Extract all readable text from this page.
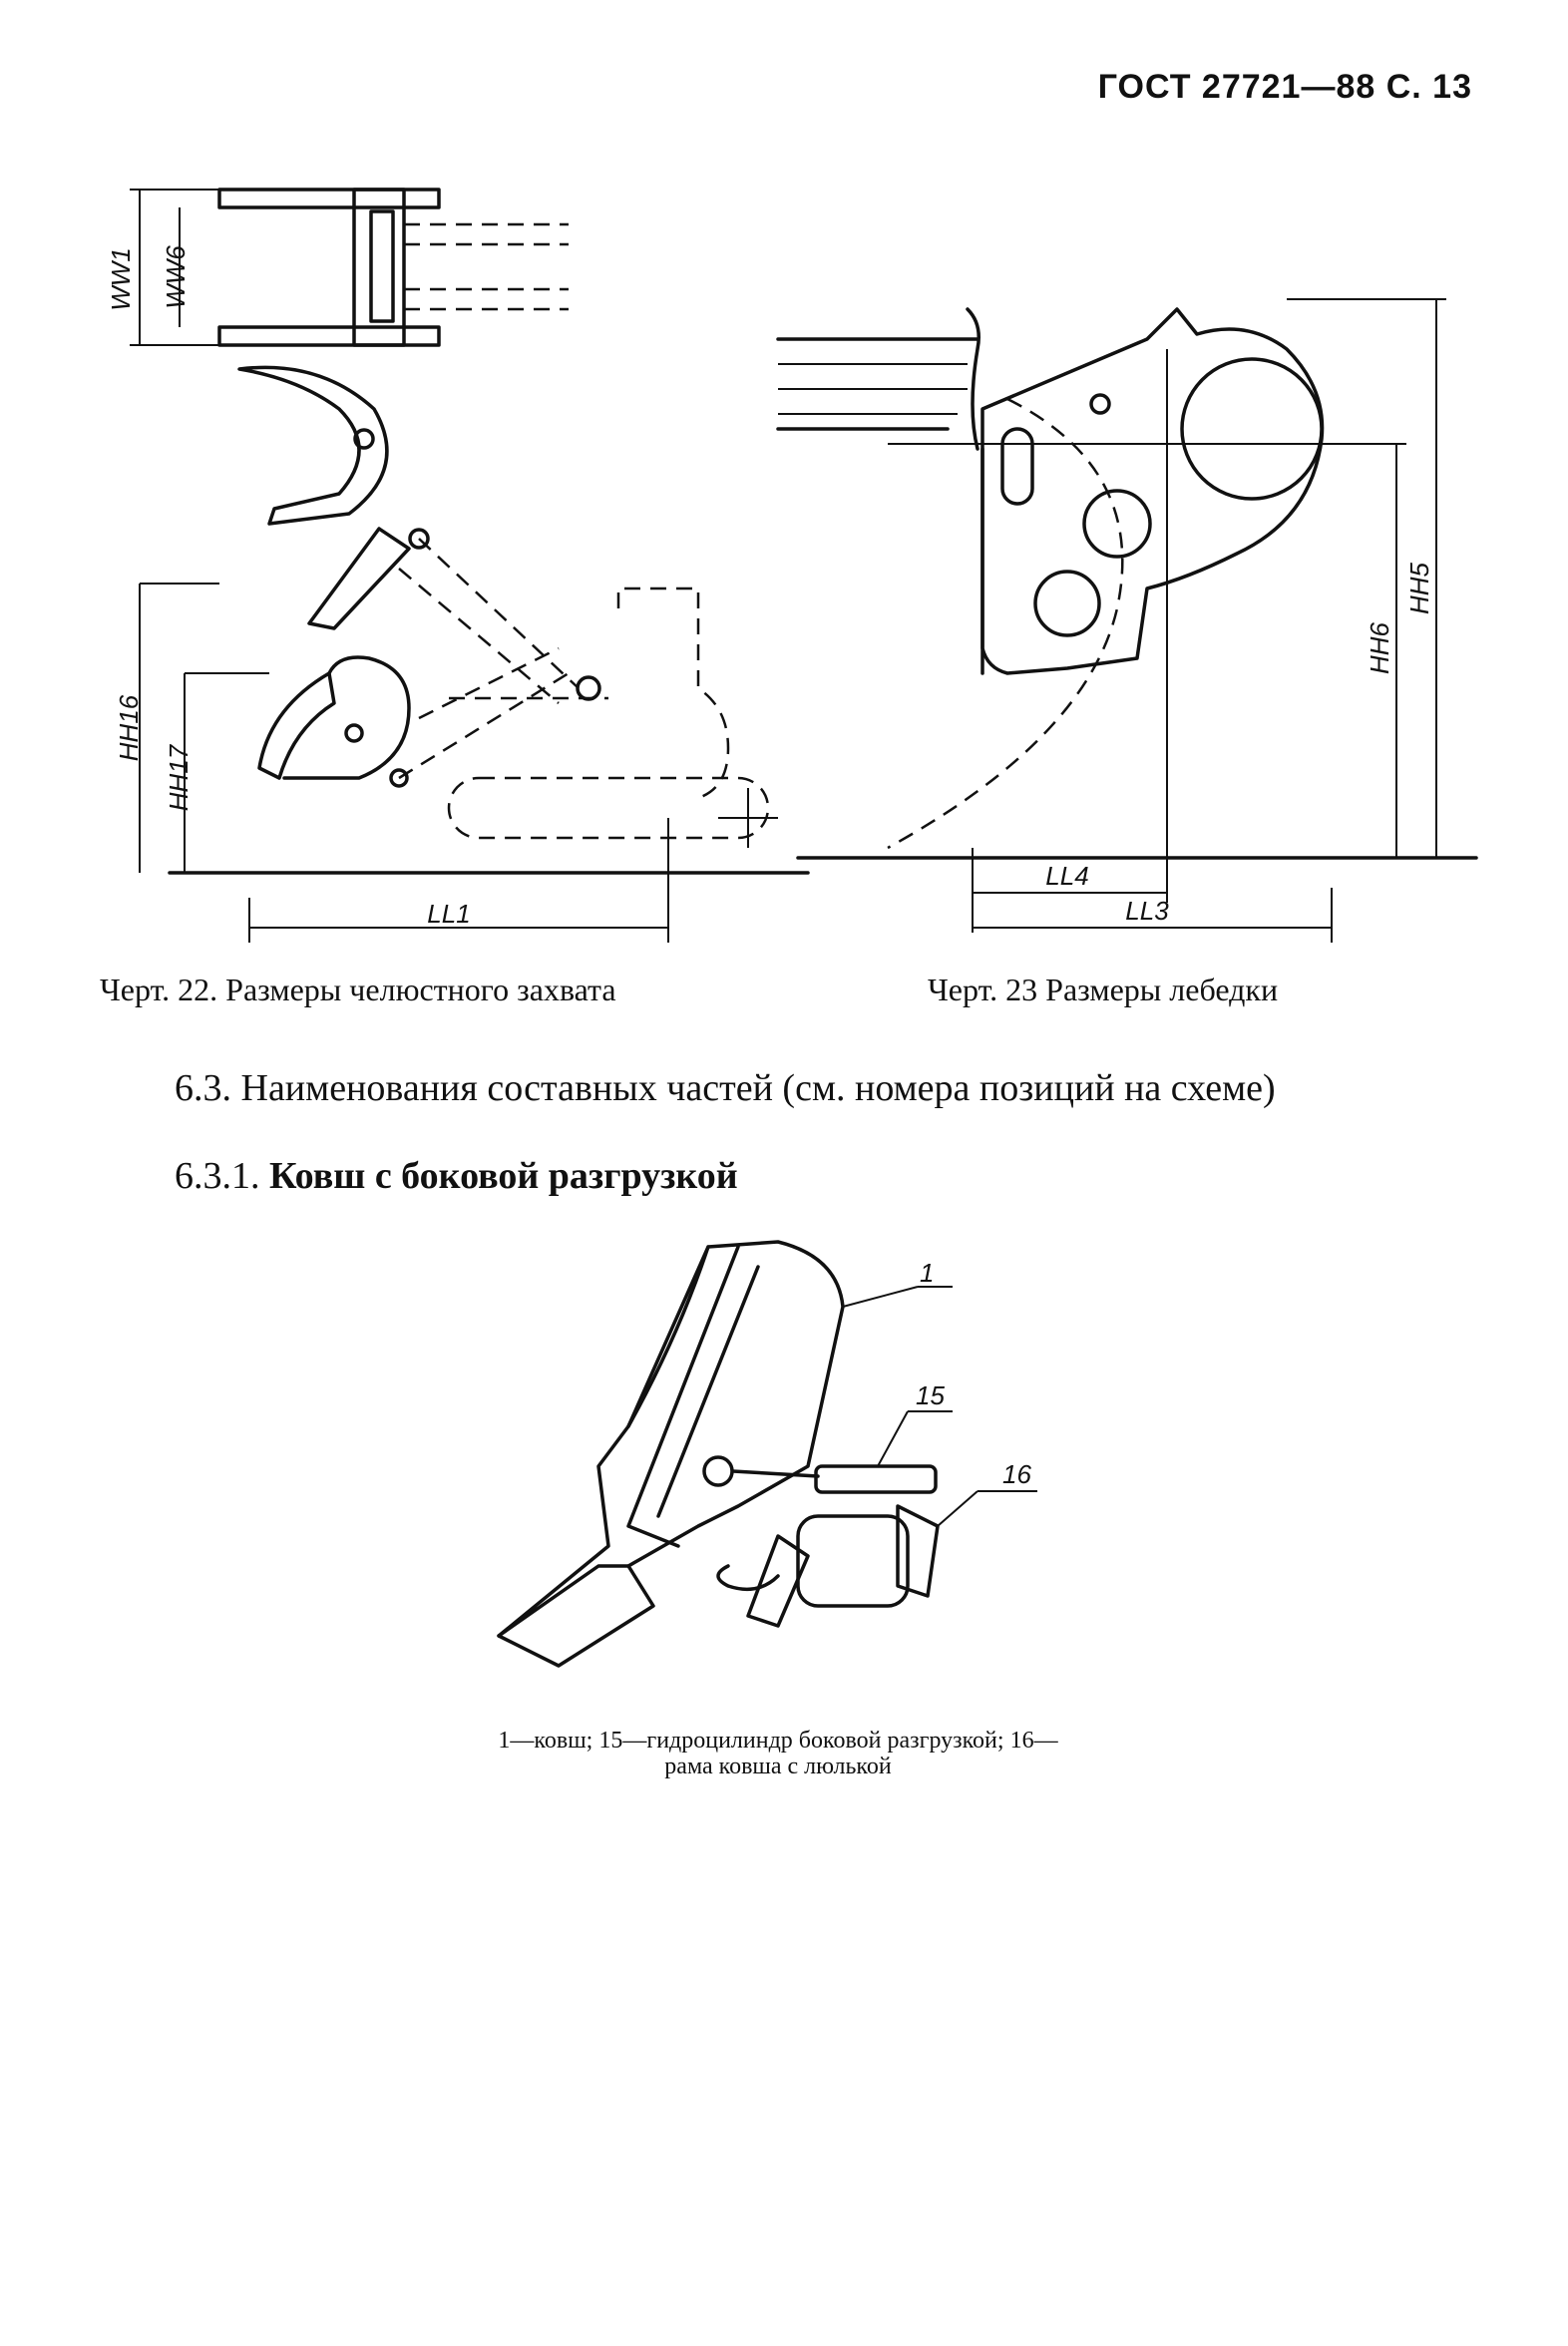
ГОСТ 27721—88 С. 13
WW1 WW6
HH16
HH17
LL1
Черт. 22. Размеры челюстного захвата
HH6
HH5
LL4
LL3
Черт. 23 Размеры лебедки
6.3. Наименования составных частей (см. номера позиций на схеме)
6.3.1. Ковш с боковой разгрузкой
1
15
16
1—ковш; 15—гидроцилиндр боковой разгрузкой; 16—рама ковша с люлькой
